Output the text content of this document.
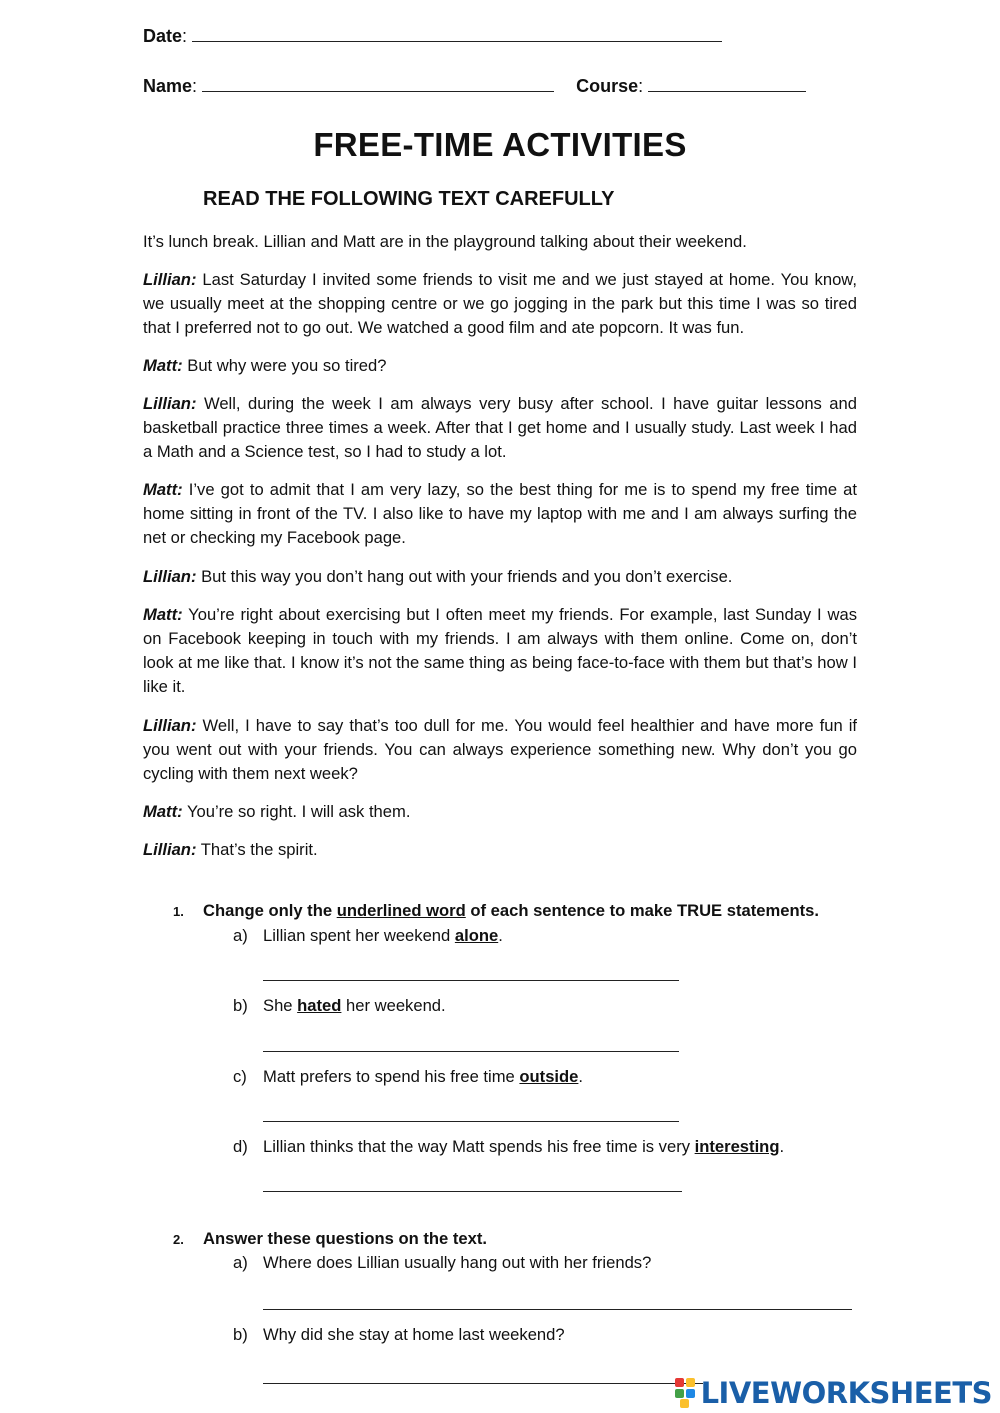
Date:
Name:	Course:
FREE-TIME ACTIVITIES
READ THE FOLLOWING TEXT CAREFULLY
It’s lunch break. Lillian and Matt are in the playground talking about their weekend.
Lillian: Last Saturday I invited some friends to visit me and we just stayed at home. You know, we usually meet at the shopping centre or we go jogging in the park but this time I was so tired that I preferred not to go out. We watched a good film and ate popcorn. It was fun.
Matt: But why were you so tired?
Lillian: Well, during the week I am always very busy after school. I have guitar lessons and basketball practice three times a week. After that I get home and I usually study. Last week I had a Math and a Science test, so I had to study a lot.
Matt: I’ve got to admit that I am very lazy, so the best thing for me is to spend my free time at home sitting in front of the TV. I also like to have my laptop with me and I am always surfing the net or checking my Facebook page.
Lillian: But this way you don’t hang out with your friends and you don’t exercise.
Matt: You’re right about exercising but I often meet my friends. For example, last Sunday I was on Facebook keeping in touch with my friends. I am always with them online. Come on, don’t look at me like that. I know it’s not the same thing as being face-to-face with them but that’s how I like it.
Lillian: Well, I have to say that’s too dull for me. You would feel healthier and have more fun if you went out with your friends. You can always experience something new. Why don’t you go cycling with them next week?
Matt: You’re so right. I will ask them.
Lillian: That’s the spirit.
1. Change only the underlined word of each sentence to make TRUE statements.
a) Lillian spent her weekend alone.
b) She hated her weekend.
c) Matt prefers to spend his free time outside.
d) Lillian thinks that the way Matt spends his free time is very interesting.
2. Answer these questions on the text.
a) Where does Lillian usually hang out with her friends?
b) Why did she stay at home last weekend?
LIVEWORKSHEETS
